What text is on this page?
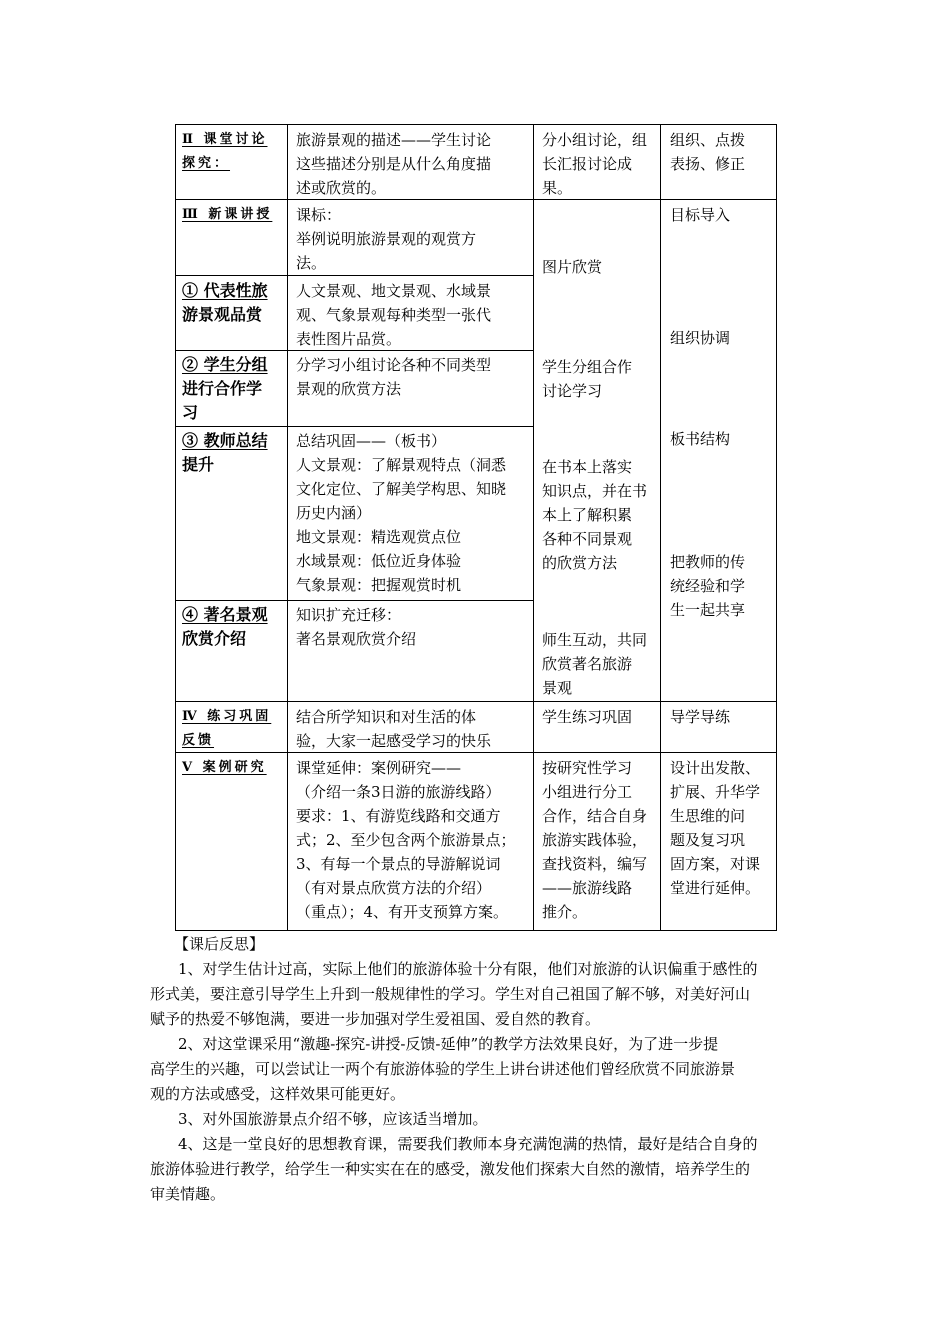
Ⅱ 课堂讨论
探究：
旅游景观的描述——学生讨论
这些描述分别是从什么角度描
述或欣赏的。
分小组讨论，组
长汇报讨论成
果。
组织、点拨
表扬、修正
Ⅲ 新课讲授 课标：
举例说明旅游景观的观赏方
法。
① 代表性旅
游景观品赏
人文景观、地文景观、水域景
观、气象景观每种类型一张代
表性图片品赏。
② 学生分组
进行合作学
习
分学习小组讨论各种不同类型
景观的欣赏方法
③ 教师总结
提升
总结巩固——（板书）
人文景观：了解景观特点（洞悉
文化定位、了解美学构思、知晓
历史内涵）
地文景观：精选观赏点位
水域景观：低位近身体验
气象景观：把握观赏时机
④ 著名景观
欣赏介绍
知识扩充迁移：
著名景观欣赏介绍
图片欣赏
学生分组合作
讨论学习
在书本上落实
知识点，并在书
本上了解积累
各种不同景观
的欣赏方法
师生互动，共同
欣赏著名旅游
景观
目标导入
组织协调
板书结构
把教师的传
统经验和学
生一起共享
Ⅳ 练习巩固
反馈
结合所学知识和对生活的体
验，大家一起感受学习的快乐
学生练习巩固	导学导练
Ⅴ 案例研究 课堂延伸：案例研究——
（介绍一条3日游的旅游线路）
要求：1、有游览线路和交通方
式；2、至少包含两个旅游景点；
3、有每一个景点的导游解说词
（有对景点欣赏方法的介绍）
（重点）；4、有开支预算方案。
按研究性学习
小组进行分工
合作，结合自身
旅游实践体验，
查找资料，编写
——旅游线路
推介。
设计出发散、
扩展、升华学
生思维的问
题及复习巩
固方案，对课
堂进行延伸。
【课后反思】
1、对学生估计过高，实际上他们的旅游体验十分有限，他们对旅游的认识偏重于感性的
形式美，要注意引导学生上升到一般规律性的学习。学生对自己祖国了解不够，对美好河山
赋予的热爱不够饱满，要进一步加强对学生爱祖国、爱自然的教育。
2、对这堂课采用“激趣-探究-讲授-反馈-延伸”的教学方法效果良好，为了进一步提
高学生的兴趣，可以尝试让一两个有旅游体验的学生上讲台讲述他们曾经欣赏不同旅游景
观的方法或感受，这样效果可能更好。
3、对外国旅游景点介绍不够，应该适当增加。
4、这是一堂良好的思想教育课，需要我们教师本身充满饱满的热情，最好是结合自身的
旅游体验进行教学，给学生一种实实在在的感受，激发他们探索大自然的激情，培养学生的
审美情趣。
